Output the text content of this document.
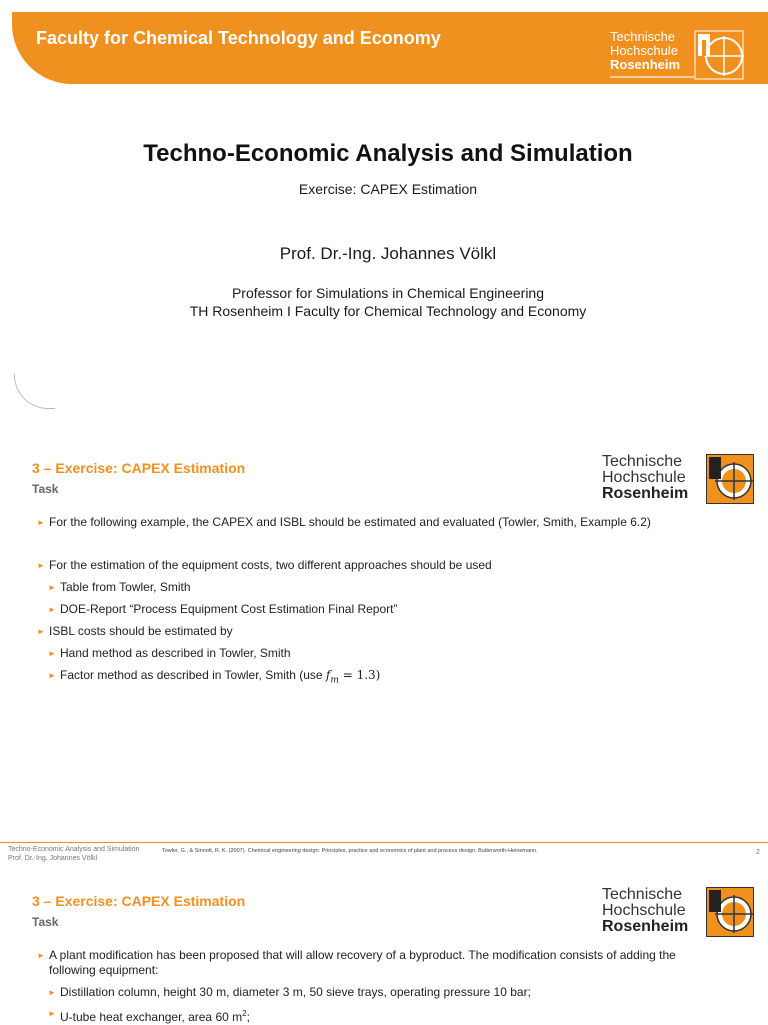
Faculty for Chemical Technology and Economy	Technische
Hochschule
Rosenheim
Techno-Economic Analysis and Simulation
Exercise: CAPEX Estimation
Prof. Dr.-Ing. Johannes Völkl
Professor for Simulations in Chemical Engineering
TH Rosenheim I Faculty for Chemical Technology and Economy
3 – Exercise: CAPEX Estimation
Task
Technische
Hochschule
Rosenheim
► For the following example, the CAPEX and ISBL should be estimated and evaluated (Towler, Smith, Example 6.2)
► For the estimation of the equipment costs, two different approaches should be used
► Table from Towler, Smith
► DOE-Report “Process Equipment Cost Estimation Final Report”
► ISBL costs should be estimated by
► Hand method as described in Towler, Smith
► Factor method as described in Towler, Smith (use $f_m = 1.3$)
Techno-Economic Analysis and Simulation
Prof. Dr.-Ing. Johannes Völkl
Towler, G., & Sinnott, R. K. (2007). Chemical engineering design: Principles, practice and economics of plant and process design. Butterworth-Heinemann.	2
3 – Exercise: CAPEX Estimation
Task
Technische
Hochschule
Rosenheim
► A plant modification has been proposed that will allow recovery of a byproduct. The modification consists of adding the
following equipment:
► Distillation column, height 30 m, diameter 3 m, 50 sieve trays, operating pressure 10 bar;
► U-tube heat exchanger, area 60 $m^2$;
